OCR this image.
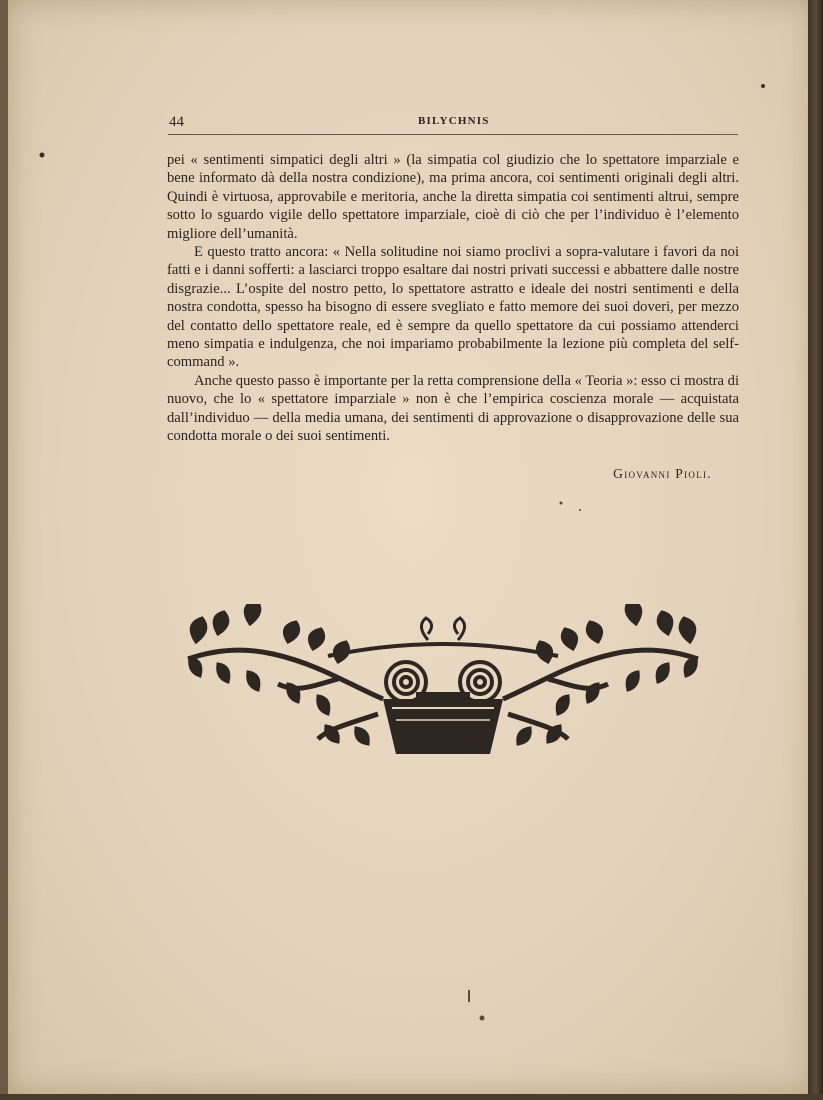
44	BILYCHNIS

pei « sentimenti simpatici degli altri » (la simpatia col giudizio che lo spettatore imparziale e bene informato dà della nostra condizione), ma prima ancora, coi sentimenti originali degli altri. Quindi è virtuosa, approvabile e meritoria, anche la diretta simpatia coi sentimenti altrui, sempre sotto lo sguardo vigile dello spettatore imparziale, cioè di ciò che per l’individuo è l’elemento migliore dell’umanità.

E questo tratto ancora: « Nella solitudine noi siamo proclivi a sopra-valutare i favori da noi fatti e i danni sofferti: a lasciarci troppo esaltare dai nostri privati successi e abbattere dalle nostre disgrazie... L’ospite del nostro petto, lo spettatore astratto e ideale dei nostri sentimenti e della nostra condotta, spesso ha bisogno di essere svegliato e fatto memore dei suoi doveri, per mezzo del contatto dello spettatore reale, ed è sempre da quello spettatore da cui possiamo attenderci meno simpatia e indulgenza, che noi impariamo probabilmente la lezione più completa del self-command ».

Anche questo passo è importante per la retta comprensione della « Teoria »: esso ci mostra di nuovo, che lo « spettatore imparziale » non è che l’empirica coscienza morale — acquistata dall’individuo — della media umana, dei sentimenti di approvazione o disapprovazione delle sua condotta morale o dei suoi sentimenti.

Giovanni Pioli.
